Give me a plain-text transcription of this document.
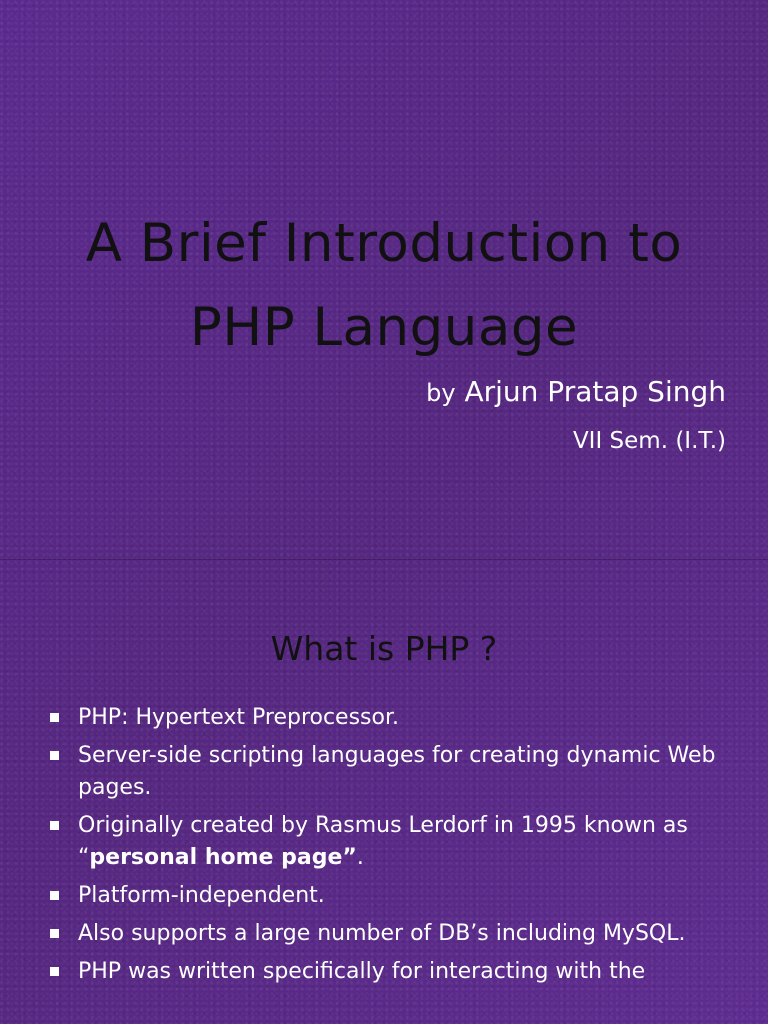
A Brief Introduction to
PHP Language
by Arjun Pratap Singh
VII Sem. (I.T.)
What is PHP ?
PHP: Hypertext Preprocessor.
Server-side scripting languages for creating dynamic Web pages.
Originally created by Rasmus Lerdorf in 1995 known as “personal home page”.
Platform-independent.
Also supports a large number of DB’s including MySQL.
PHP was written specifically for interacting with the
